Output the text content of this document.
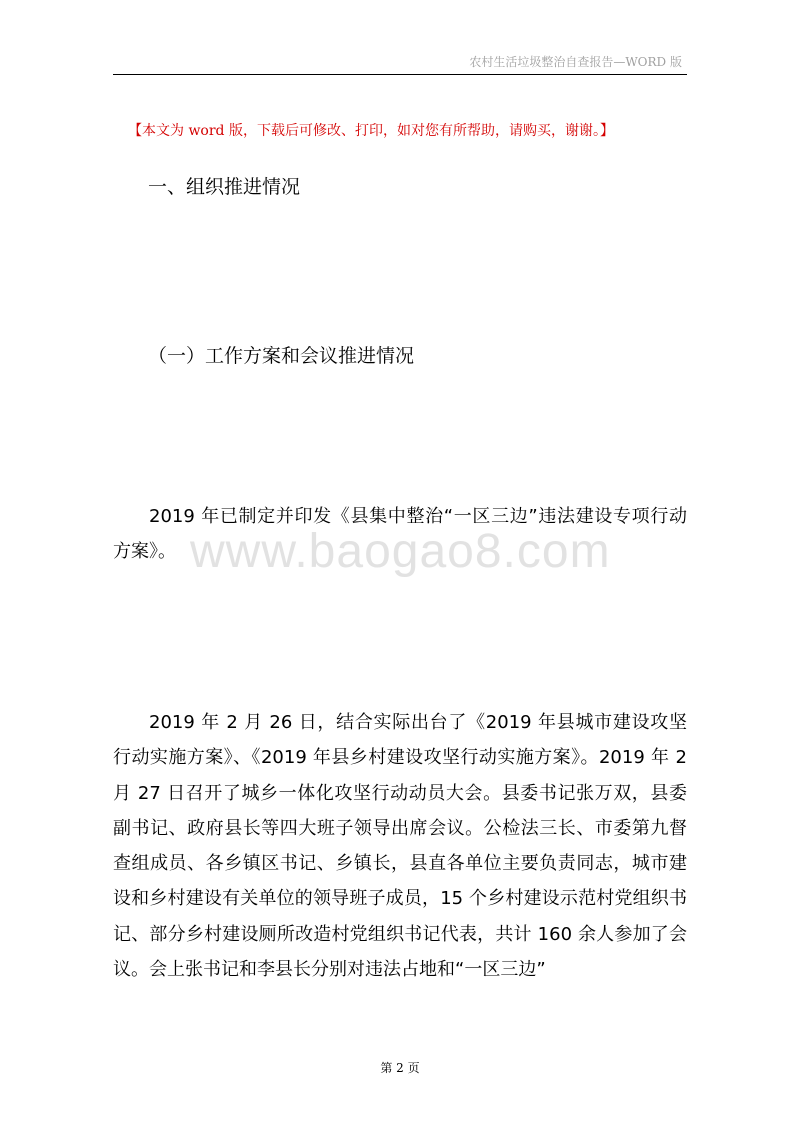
农村生活垃圾整治自查报告—WORD 版
【本文为 word 版，下载后可修改、打印，如对您有所帮助，请购买，谢谢。】
一、组织推进情况
（一）工作方案和会议推进情况
2019 年已制定并印发《县集中整治“一区三边”违法建设专项行动方案》。 www.baogao8.com
2019 年 2 月 26 日，结合实际出台了《2019 年县城市建设攻坚行动实施方案》、《2019 年县乡村建设攻坚行动实施方案》。2019 年 2 月 27 日召开了城乡一体化攻坚行动动员大会。县委书记张万双，县委副书记、政府县长等四大班子领导出席会议。公检法三长、市委第九督查组成员、各乡镇区书记、乡镇长，县直各单位主要负责同志，城市建设和乡村建设有关单位的领导班子成员，15 个乡村建设示范村党组织书记、部分乡村建设厕所改造村党组织书记代表，共计 160 余人参加了会议。会上张书记和李县长分别对违法占地和“一区三边”
第 2 页
